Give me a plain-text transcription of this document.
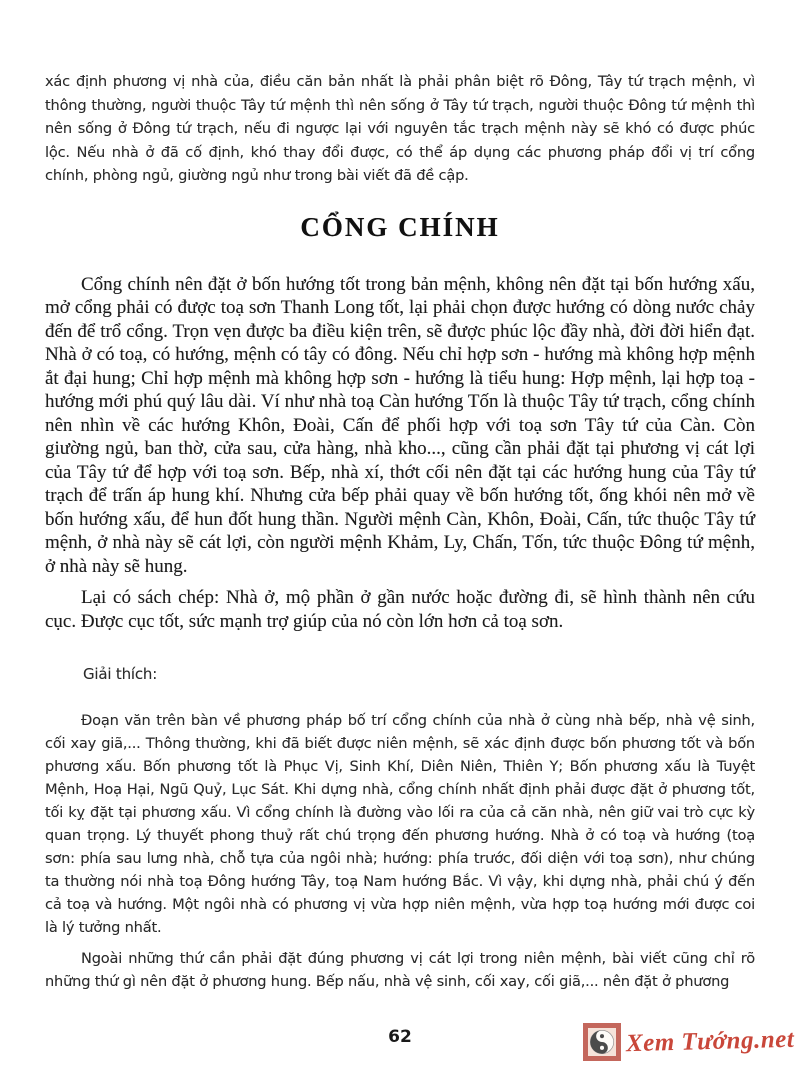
xác định phương vị nhà của, điều căn bản nhất là phải phân biệt rõ Đông, Tây tứ trạch mệnh, vì thông thường, người thuộc Tây tứ mệnh thì nên sống ở Tây tứ trạch, người thuộc Đông tứ mệnh thì nên sống ở Đông tứ trạch, nếu đi ngược lại với nguyên tắc trạch mệnh này sẽ khó có được phúc lộc. Nếu nhà ở đã cố định, khó thay đổi được, có thể áp dụng các phương pháp đổi vị trí cổng chính, phòng ngủ, giường ngủ như trong bài viết đã đề cập.

CỔNG CHÍNH

Cổng chính nên đặt ở bốn hướng tốt trong bản mệnh, không nên đặt tại bốn hướng xấu, mở cổng phải có được toạ sơn Thanh Long tốt, lại phải chọn được hướng có dòng nước chảy đến để trổ cổng. Trọn vẹn được ba điều kiện trên, sẽ được phúc lộc đầy nhà, đời đời hiển đạt. Nhà ở có toạ, có hướng, mệnh có tây có đông. Nếu chỉ hợp sơn - hướng mà không hợp mệnh ắt đại hung; Chỉ hợp mệnh mà không hợp sơn - hướng là tiểu hung: Hợp mệnh, lại hợp toạ - hướng mới phú quý lâu dài. Ví như nhà toạ Càn hướng Tốn là thuộc Tây tứ trạch, cổng chính nên nhìn về các hướng Khôn, Đoài, Cấn để phối hợp với toạ sơn Tây tứ của Càn. Còn giường ngủ, ban thờ, cửa sau, cửa hàng, nhà kho..., cũng cần phải đặt tại phương vị cát lợi của Tây tứ để hợp với toạ sơn. Bếp, nhà xí, thớt cối nên đặt tại các hướng hung của Tây tứ trạch để trấn áp hung khí. Nhưng cửa bếp phải quay về bốn hướng tốt, ống khói nên mở về bốn hướng xấu, để hun đốt hung thần. Người mệnh Càn, Khôn, Đoài, Cấn, tức thuộc Tây tứ mệnh, ở nhà này sẽ cát lợi, còn người mệnh Khảm, Ly, Chấn, Tốn, tức thuộc Đông tứ mệnh, ở nhà này sẽ hung.

Lại có sách chép: Nhà ở, mộ phần ở gần nước hoặc đường đi, sẽ hình thành nên cứu cục. Được cục tốt, sức mạnh trợ giúp của nó còn lớn hơn cả toạ sơn.

Giải thích:

Đoạn văn trên bàn về phương pháp bố trí cổng chính của nhà ở cùng nhà bếp, nhà vệ sinh, cối xay giã,... Thông thường, khi đã biết được niên mệnh, sẽ xác định được bốn phương tốt và bốn phương xấu. Bốn phương tốt là Phục Vị, Sinh Khí, Diên Niên, Thiên Y; Bốn phương xấu là Tuyệt Mệnh, Hoạ Hại, Ngũ Quỷ, Lục Sát. Khi dựng nhà, cổng chính nhất định phải được đặt ở phương tốt, tối kỵ đặt tại phương xấu. Vì cổng chính là đường vào lối ra của cả căn nhà, nên giữ vai trò cực kỳ quan trọng. Lý thuyết phong thuỷ rất chú trọng đến phương hướng. Nhà ở có toạ và hướng (toạ sơn: phía sau lưng nhà, chỗ tựa của ngôi nhà; hướng: phía trước, đối diện với toạ sơn), như chúng ta thường nói nhà toạ Đông hướng Tây, toạ Nam hướng Bắc. Vì vậy, khi dựng nhà, phải chú ý đến cả toạ và hướng. Một ngôi nhà có phương vị vừa hợp niên mệnh, vừa hợp toạ hướng mới được coi là lý tưởng nhất.

Ngoài những thứ cần phải đặt đúng phương vị cát lợi trong niên mệnh, bài viết cũng chỉ rõ những thứ gì nên đặt ở phương hung. Bếp nấu, nhà vệ sinh, cối xay, cối giã,... nên đặt ở phương

62	Xem Tướng.net
